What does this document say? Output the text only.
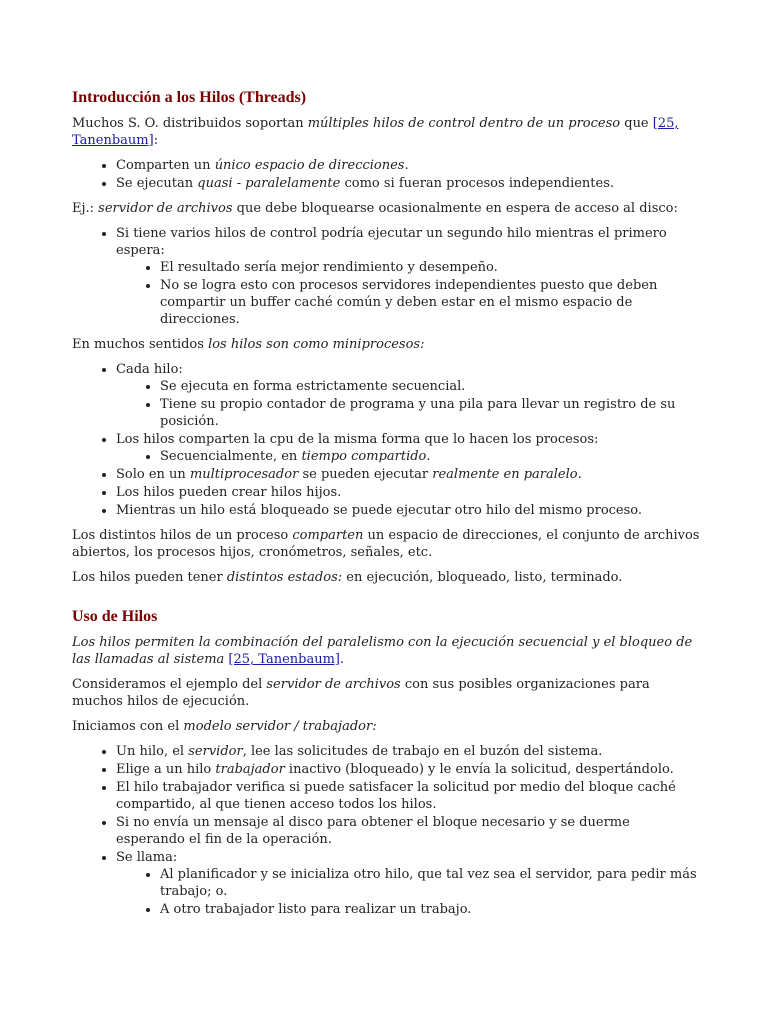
Introducción a los Hilos (Threads)

Muchos S. O. distribuidos soportan múltiples hilos de control dentro de un proceso que [25, Tanenbaum]:

• Comparten un único espacio de direcciones.
• Se ejecutan quasi - paralelamente como si fueran procesos independientes.

Ej.: servidor de archivos que debe bloquearse ocasionalmente en espera de acceso al disco:

• Si tiene varios hilos de control podría ejecutar un segundo hilo mientras el primero espera:
• El resultado sería mejor rendimiento y desempeño.
• No se logra esto con procesos servidores independientes puesto que deben compartir un buffer caché común y deben estar en el mismo espacio de direcciones.

En muchos sentidos los hilos son como miniprocesos:

• Cada hilo:
• Se ejecuta en forma estrictamente secuencial.
• Tiene su propio contador de programa y una pila para llevar un registro de su posición.
• Los hilos comparten la cpu de la misma forma que lo hacen los procesos:
• Secuencialmente, en tiempo compartido.
• Solo en un multiprocesador se pueden ejecutar realmente en paralelo.
• Los hilos pueden crear hilos hijos.
• Mientras un hilo está bloqueado se puede ejecutar otro hilo del mismo proceso.

Los distintos hilos de un proceso comparten un espacio de direcciones, el conjunto de archivos abiertos, los procesos hijos, cronómetros, señales, etc.

Los hilos pueden tener distintos estados: en ejecución, bloqueado, listo, terminado.

Uso de Hilos

Los hilos permiten la combinación del paralelismo con la ejecución secuencial y el bloqueo de las llamadas al sistema [25, Tanenbaum].

Consideramos el ejemplo del servidor de archivos con sus posibles organizaciones para muchos hilos de ejecución.

Iniciamos con el modelo servidor / trabajador:

• Un hilo, el servidor, lee las solicitudes de trabajo en el buzón del sistema.
• Elige a un hilo trabajador inactivo (bloqueado) y le envía la solicitud, despertándolo.
• El hilo trabajador verifica si puede satisfacer la solicitud por medio del bloque caché compartido, al que tienen acceso todos los hilos.
• Si no envía un mensaje al disco para obtener el bloque necesario y se duerme esperando el fin de la operación.
• Se llama:
• Al planificador y se inicializa otro hilo, que tal vez sea el servidor, para pedir más trabajo; o.
• A otro trabajador listo para realizar un trabajo.
